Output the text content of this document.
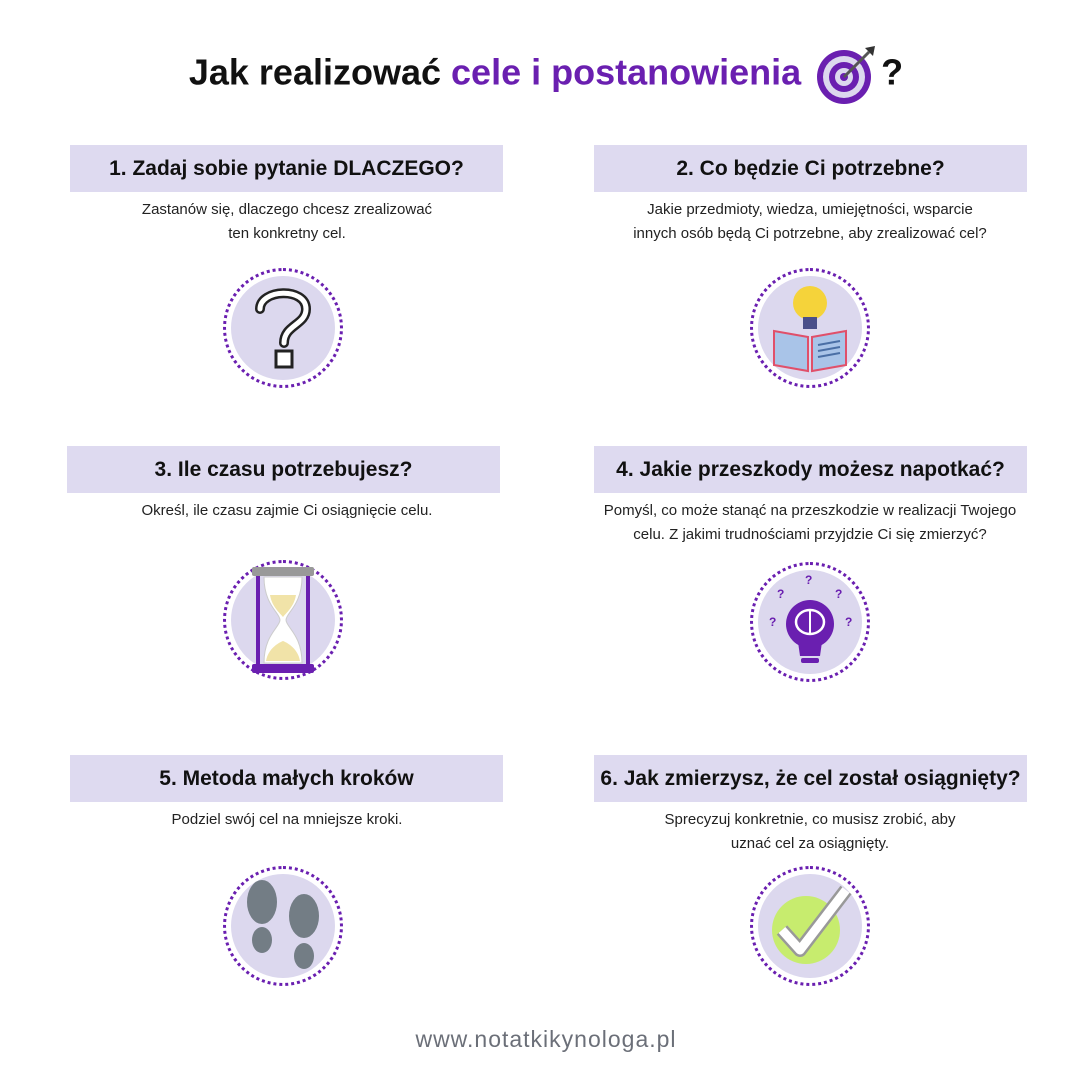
Jak realizować cele i postanowienia ?
1. Zadaj sobie pytanie DLACZEGO?
Zastanów się, dlaczego chcesz zrealizować
ten konkretny cel.
2. Co będzie Ci potrzebne?
Jakie przedmioty, wiedza, umiejętności, wsparcie
innych osób będą Ci potrzebne, aby zrealizować cel?
3. Ile czasu potrzebujesz?
Określ, ile czasu zajmie Ci osiągnięcie celu.
4. Jakie przeszkody możesz napotkać?
Pomyśl, co może stanąć na przeszkodzie w realizacji Twojego
celu. Z jakimi trudnościami przyjdzie Ci się zmierzyć?
?
?	?
?	?
5. Metoda małych kroków
Podziel swój cel na mniejsze kroki.
6. Jak zmierzysz, że cel został osiągnięty?
Sprecyzuj konkretnie, co musisz zrobić, aby
uznać cel za osiągnięty.
www.notatkikynologa.pl
